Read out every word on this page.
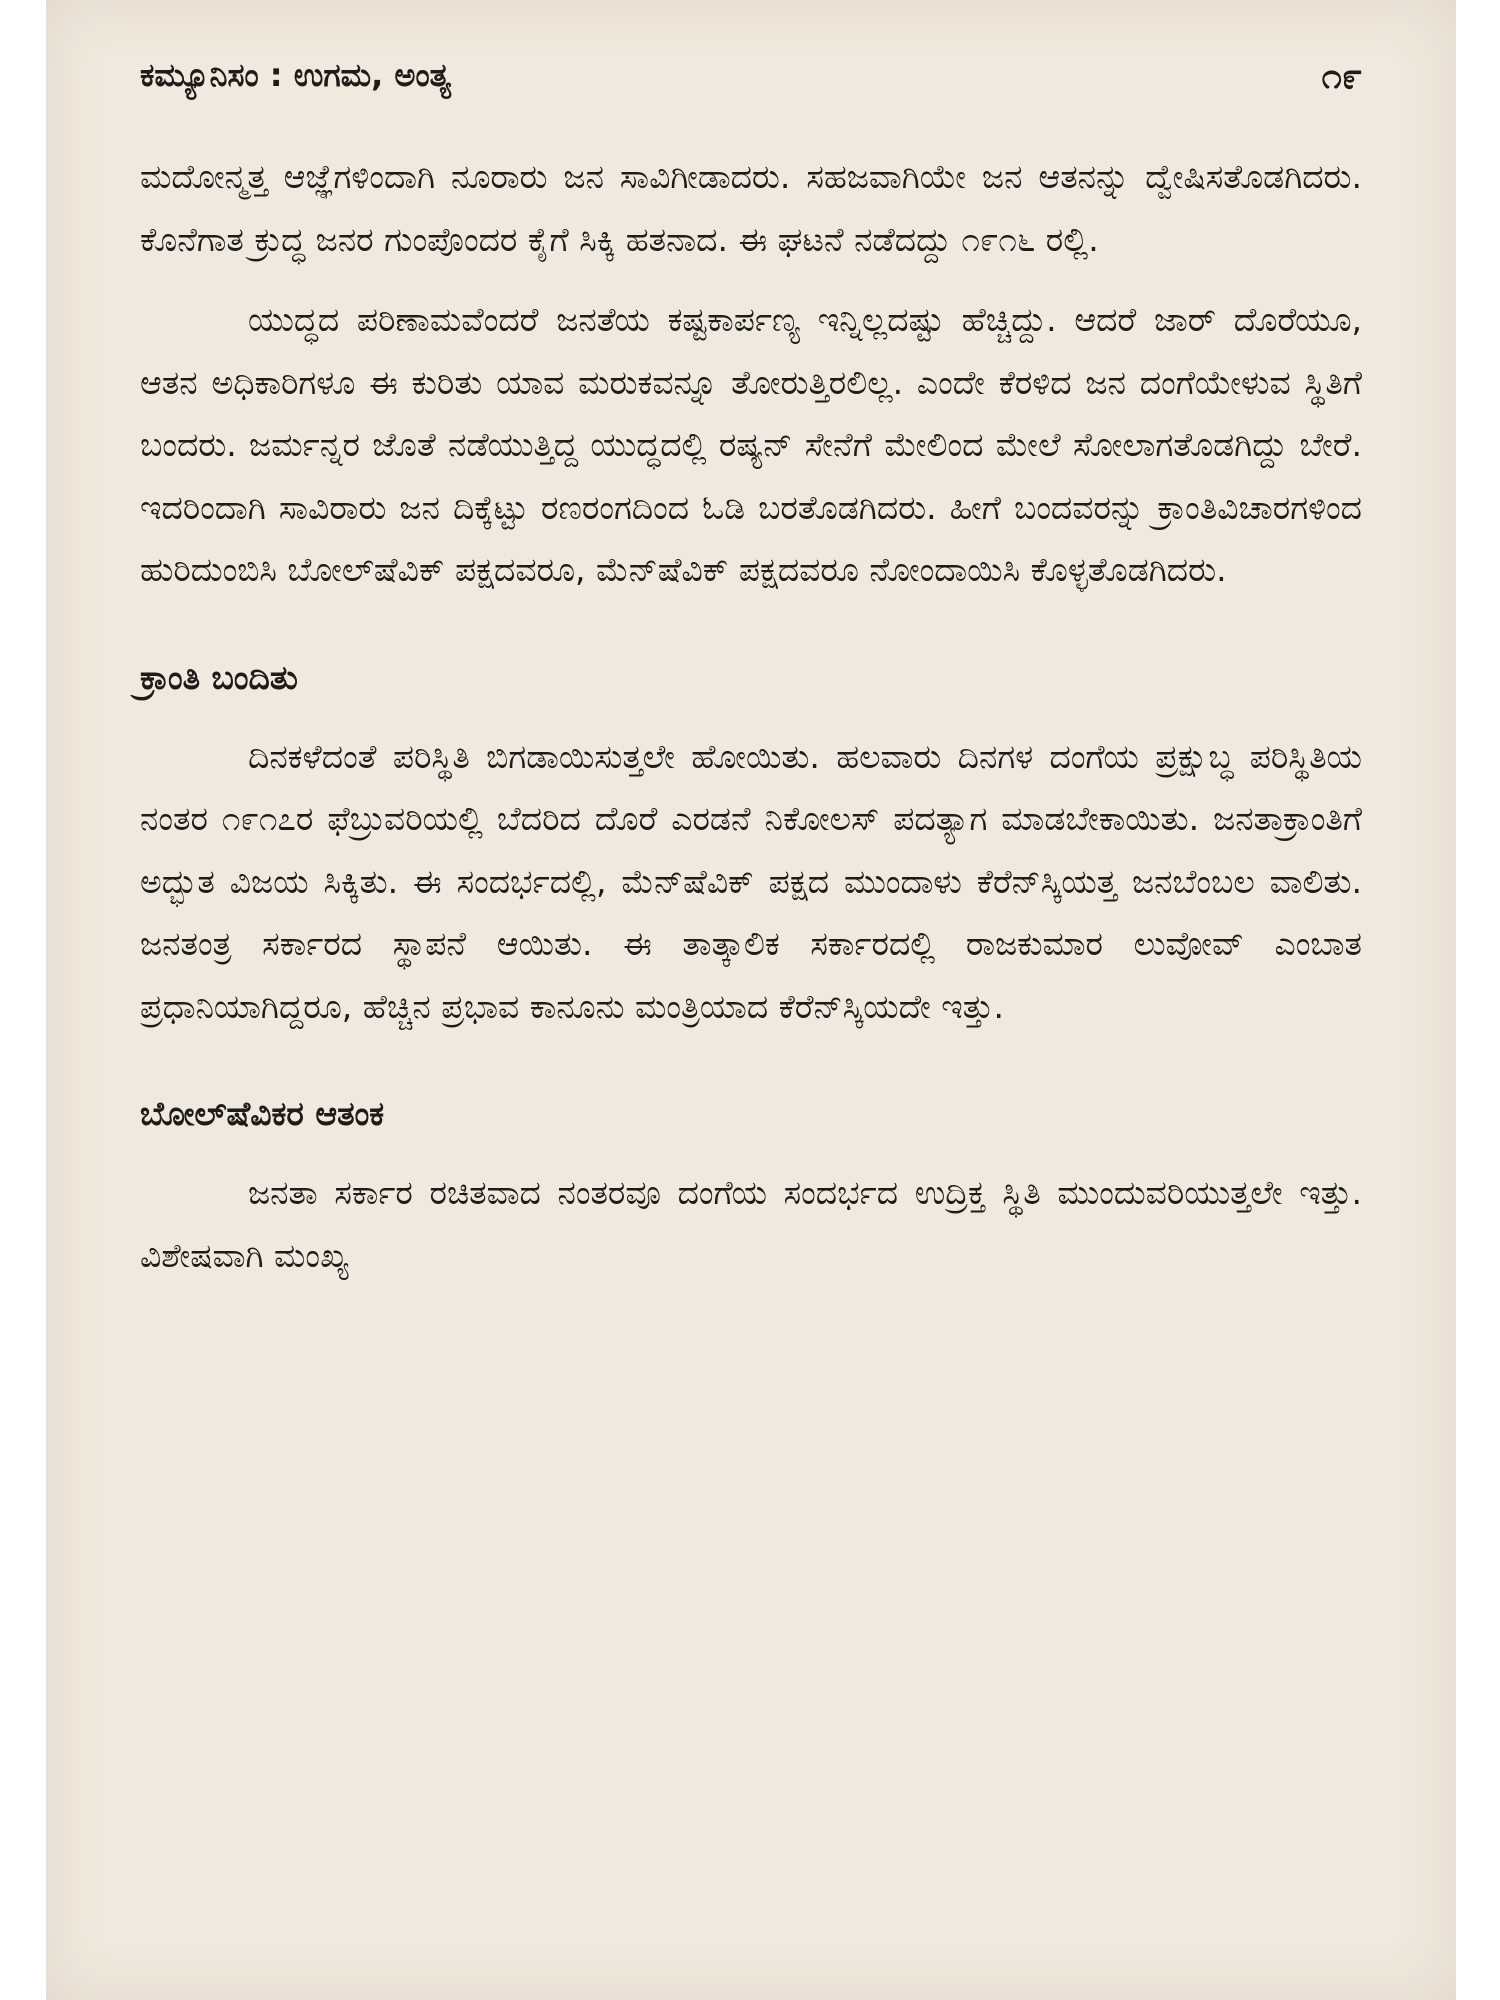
ಕಮ್ಯೂನಿಸಂ : ಉಗಮ, ಅಂತ್ಯ	೧೯

ಮದೋನ್ಮತ್ತ ಆಜ್ಞೆಗಳಿಂದಾಗಿ ನೂರಾರು ಜನ ಸಾವಿಗೀಡಾದರು. ಸಹಜವಾಗಿಯೇ ಜನ ಆತನನ್ನು ದ್ವೇಷಿಸತೊಡಗಿದರು. ಕೊನೆಗಾತ ಕ್ರುದ್ಧ ಜನರ ಗುಂಪೊಂದರ ಕೈಗೆ ಸಿಕ್ಕಿ ಹತನಾದ. ಈ ಘಟನೆ ನಡೆದದ್ದು ೧೯೧೬ ರಲ್ಲಿ.

ಯುದ್ಧದ ಪರಿಣಾಮವೆಂದರೆ ಜನತೆಯ ಕಷ್ಟಕಾರ್ಪಣ್ಯ ಇನ್ನಿಲ್ಲದಷ್ಟು ಹೆಚ್ಚಿದ್ದು. ಆದರೆ ಜಾರ್ ದೊರೆಯೂ, ಆತನ ಅಧಿಕಾರಿಗಳೂ ಈ ಕುರಿತು ಯಾವ ಮರುಕವನ್ನೂ ತೋರುತ್ತಿರಲಿಲ್ಲ. ಎಂದೇ ಕೆರಳಿದ ಜನ ದಂಗೆಯೇಳುವ ಸ್ಥಿತಿಗೆ ಬಂದರು. ಜರ್ಮನ್ನರ ಜೊತೆ ನಡೆಯುತ್ತಿದ್ದ ಯುದ್ಧದಲ್ಲಿ ರಷ್ಯನ್ ಸೇನೆಗೆ ಮೇಲಿಂದ ಮೇಲೆ ಸೋಲಾಗತೊಡಗಿದ್ದು ಬೇರೆ. ಇದರಿಂದಾಗಿ ಸಾವಿರಾರು ಜನ ದಿಕ್ಕೆಟ್ಟು ರಣರಂಗದಿಂದ ಓಡಿ ಬರತೊಡಗಿದರು. ಹೀಗೆ ಬಂದವರನ್ನು ಕ್ರಾಂತಿವಿಚಾರಗಳಿಂದ ಹುರಿದುಂಬಿಸಿ ಬೋಲ್‌ಷೆವಿಕ್ ಪಕ್ಷದವರೂ, ಮೆನ್‌ಷೆವಿಕ್ ಪಕ್ಷದವರೂ ನೋಂದಾಯಿಸಿ ಕೊಳ್ಳತೊಡಗಿದರು.

ಕ್ರಾಂತಿ ಬಂದಿತು

ದಿನಕಳೆದಂತೆ ಪರಿಸ್ಥಿತಿ ಬಿಗಡಾಯಿಸುತ್ತಲೇ ಹೋಯಿತು. ಹಲವಾರು ದಿನಗಳ ದಂಗೆಯ ಪ್ರಕ್ಷುಬ್ಧ ಪರಿಸ್ಥಿತಿಯ ನಂತರ ೧೯೧೭ರ ಫೆಬ್ರುವರಿಯಲ್ಲಿ ಬೆದರಿದ ದೊರೆ ಎರಡನೆ ನಿಕೋಲಸ್ ಪದತ್ಯಾಗ ಮಾಡಬೇಕಾಯಿತು. ಜನತಾಕ್ರಾಂತಿಗೆ ಅದ್ಭುತ ವಿಜಯ ಸಿಕ್ಕಿತು. ಈ ಸಂದರ್ಭದಲ್ಲಿ, ಮೆನ್‌ಷೆವಿಕ್ ಪಕ್ಷದ ಮುಂದಾಳು ಕೆರೆನ್‌ಸ್ಕಿಯತ್ತ ಜನಬೆಂಬಲ ವಾಲಿತು. ಜನತಂತ್ರ ಸರ್ಕಾರದ ಸ್ಥಾಪನೆ ಆಯಿತು. ಈ ತಾತ್ಕಾಲಿಕ ಸರ್ಕಾರದಲ್ಲಿ ರಾಜಕುಮಾರ ಲುವೋವ್ ಎಂಬಾತ ಪ್ರಧಾನಿಯಾಗಿದ್ದರೂ, ಹೆಚ್ಚಿನ ಪ್ರಭಾವ ಕಾನೂನು ಮಂತ್ರಿಯಾದ ಕೆರೆನ್‌ಸ್ಕಿಯದೇ ಇತ್ತು.

ಬೋಲ್‌ಷೆವಿಕರ ಆತಂಕ

ಜನತಾ ಸರ್ಕಾರ ರಚಿತವಾದ ನಂತರವೂ ದಂಗೆಯ ಸಂದರ್ಭದ ಉದ್ರಿಕ್ತ ಸ್ಥಿತಿ ಮುಂದುವರಿಯುತ್ತಲೇ ಇತ್ತು. ವಿಶೇಷವಾಗಿ ಮಂಖ್ಯ
